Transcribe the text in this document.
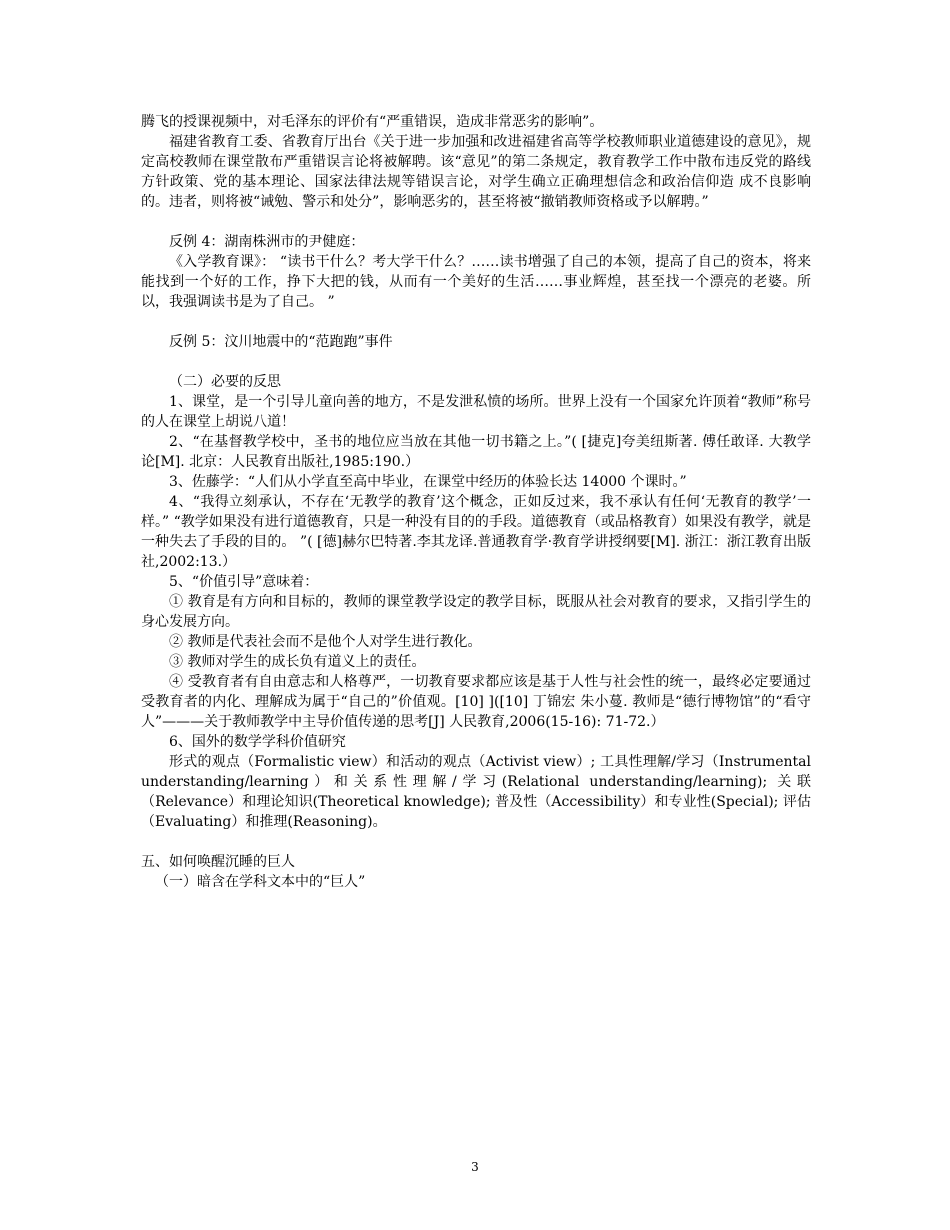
腾飞的授课视频中，对毛泽东的评价有“严重错误，造成非常恶劣的影响”。

福建省教育工委、省教育厅出台《关于进一步加强和改进福建省高等学校教师职业道德建设的意见》，规定高校教师在课堂散布严重错误言论将被解聘。该“意见”的第二条规定，教育教学工作中散布违反党的路线方针政策、党的基本理论、国家法律法规等错误言论，对学生确立正确理想信念和政治信仰造 成不良影响的。违者，则将被“诫勉、警示和处分”，影响恶劣的，甚至将被“撤销教师资格或予以解聘。”

反例 4：湖南株洲市的尹健庭：

《入学教育课》： “读书干什么？考大学干什么？……读书增强了自己的本领，提高了自己的资本，将来能找到一个好的工作，挣下大把的钱，从而有一个美好的生活……事业辉煌，甚至找一个漂亮的老婆。所以，我强调读书是为了自己。 ”

反例 5：汶川地震中的“范跑跑”事件

（二）必要的反思

1、课堂，是一个引导儿童向善的地方，不是发泄私愤的场所。世界上没有一个国家允许顶着“教师”称号的人在课堂上胡说八道！

2、“在基督教学校中，圣书的地位应当放在其他一切书籍之上。”( [捷克]夸美纽斯著. 傅任敢译. 大教学论[M]. 北京：人民教育出版社,1985:190.）

3、佐藤学：“人们从小学直至高中毕业，在课堂中经历的体验长达 14000 个课时。”

4、“我得立刻承认，不存在‘无教学的教育’这个概念，正如反过来，我不承认有任何‘无教育的教学’一样。” “教学如果没有进行道德教育，只是一种没有目的的手段。道德教育（或品格教育）如果没有教学，就是一种失去了手段的目的。 ”( [德]赫尔巴特著.李其龙译.普通教育学·教育学讲授纲要[M]. 浙江：浙江教育出版社,2002:13.）

5、“价值引导”意味着：

① 教育是有方向和目标的，教师的课堂教学设定的教学目标，既服从社会对教育的要求，又指引学生的身心发展方向。

② 教师是代表社会而不是他个人对学生进行教化。

③ 教师对学生的成长负有道义上的责任。

④ 受教育者有自由意志和人格尊严，一切教育要求都应该是基于人性与社会性的统一，最终必定要通过受教育者的内化、理解成为属于“自己的”价值观。[10] ]([10] 丁锦宏 朱小蔓. 教师是“德行博物馆”的“看守人”———关于教师教学中主导价值传递的思考[J] 人民教育,2006(15-16): 71-72.）

6、国外的数学学科价值研究

形式的观点（Formalistic view）和活动的观点（Activist view）; 工具性理解/学习（Instrumental understanding/learning）和关系性理解/学习(Relational understanding/learning); 关联（Relevance）和理论知识(Theoretical knowledge); 普及性（Accessibility）和专业性(Special); 评估（Evaluating）和推理(Reasoning)。

五、如何唤醒沉睡的巨人

（一）暗含在学科文本中的“巨人”

3
